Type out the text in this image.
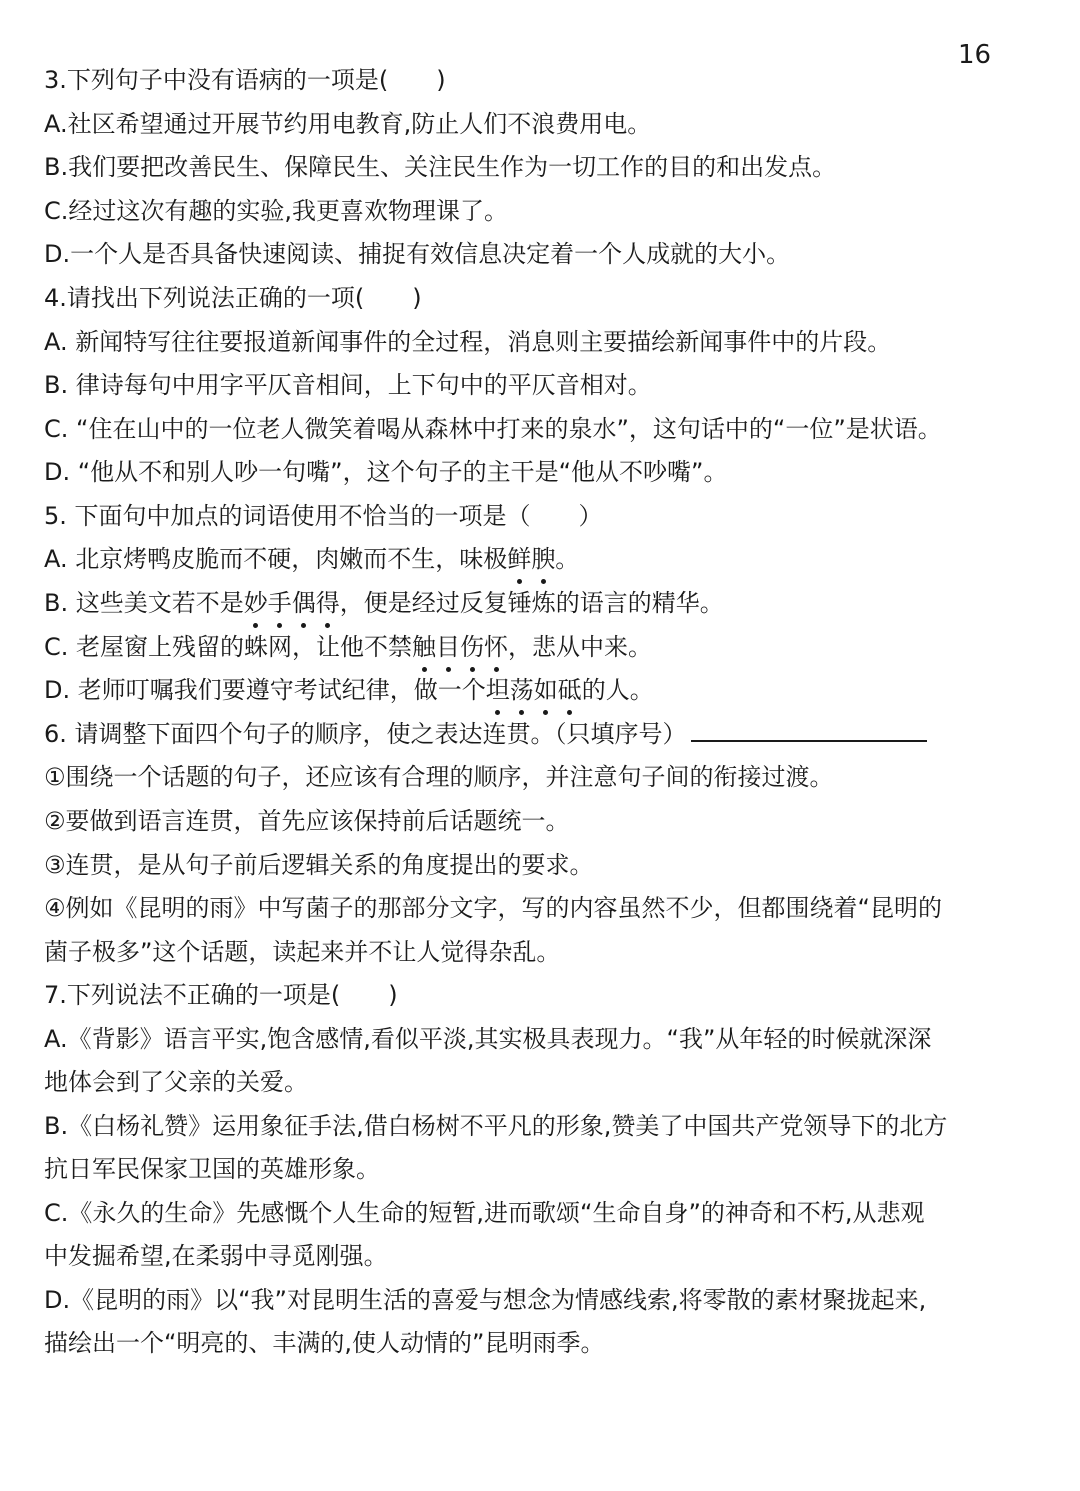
16
3.下列句子中没有语病的一项是(　　)
A.社区希望通过开展节约用电教育,防止人们不浪费用电。
B.我们要把改善民生、保障民生、关注民生作为一切工作的目的和出发点。
C.经过这次有趣的实验,我更喜欢物理课了。
D.一个人是否具备快速阅读、捕捉有效信息决定着一个人成就的大小。
4.请找出下列说法正确的一项(　　)
A. 新闻特写往往要报道新闻事件的全过程，消息则主要描绘新闻事件中的片段。
B. 律诗每句中用字平仄音相间，上下句中的平仄音相对。
C. “住在山中的一位老人微笑着喝从森林中打来的泉水”，这句话中的“一位”是状语。
D. “他从不和别人吵一句嘴”，这个句子的主干是“他从不吵嘴”。
5. 下面句中加点的词语使用不恰当的一项是（　　）
A. 北京烤鸭皮脆而不硬，肉嫩而不生，味极鲜腴。
B. 这些美文若不是妙手偶得，便是经过反复锤炼的语言的精华。
C. 老屋窗上残留的蛛网，让他不禁触目伤怀，悲从中来。
D. 老师叮嘱我们要遵守考试纪律，做一个坦荡如砥的人。
6. 请调整下面四个句子的顺序，使之表达连贯。（只填序号）
①围绕一个话题的句子，还应该有合理的顺序，并注意句子间的衔接过渡。
②要做到语言连贯，首先应该保持前后话题统一。
③连贯，是从句子前后逻辑关系的角度提出的要求。
④例如《昆明的雨》中写菌子的那部分文字，写的内容虽然不少，但都围绕着“昆明的
菌子极多”这个话题，读起来并不让人觉得杂乱。
7.下列说法不正确的一项是(　　)
A.《背影》语言平实,饱含感情,看似平淡,其实极具表现力。“我”从年轻的时候就深深
地体会到了父亲的关爱。
B.《白杨礼赞》运用象征手法,借白杨树不平凡的形象,赞美了中国共产党领导下的北方
抗日军民保家卫国的英雄形象。
C.《永久的生命》先感慨个人生命的短暂,进而歌颂“生命自身”的神奇和不朽,从悲观
中发掘希望,在柔弱中寻觅刚强。
D.《昆明的雨》以“我”对昆明生活的喜爱与想念为情感线索,将零散的素材聚拢起来,
描绘出一个“明亮的、丰满的,使人动情的”昆明雨季。
